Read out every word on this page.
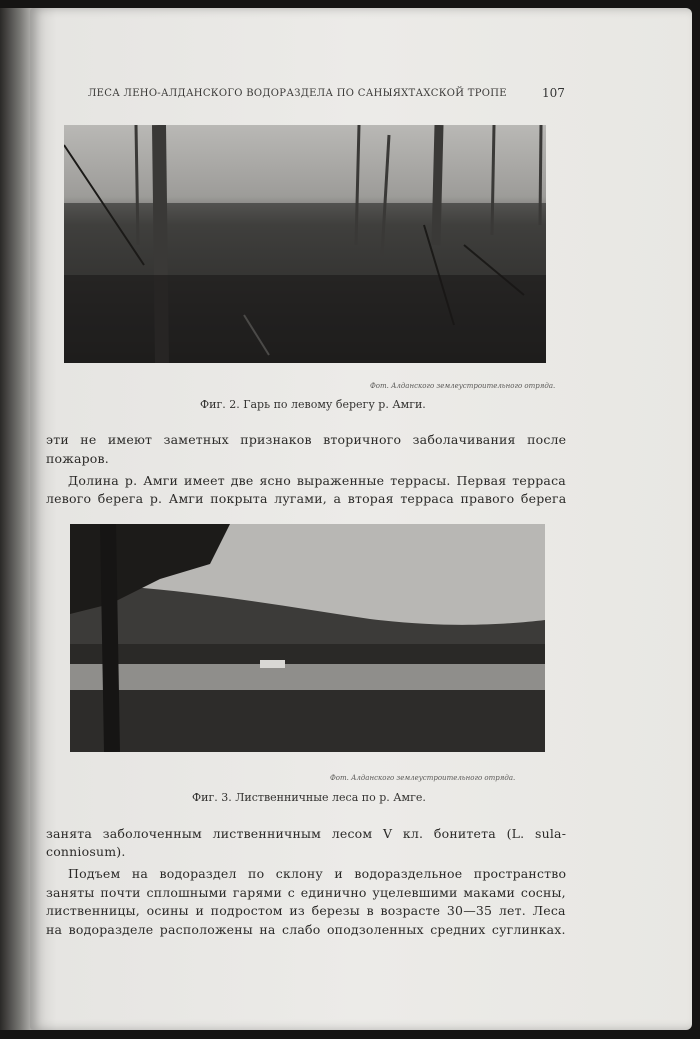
ЛЕСА ЛЕНО-АЛДАНСКОГО ВОДОРАЗДЕЛА ПО САНЫЯХТАХСКОЙ ТРОПЕ	107
Фот. Алданского землеустроительного отряда.
Фиг. 2. Гарь по левому берегу р. Амги.
эти не имеют заметных признаков вторичного заболачивания после
пожаров.
Долина р. Амги имеет две ясно выраженные террасы. Первая терраса
левого берега р. Амги покрыта лугами, а вторая терраса правого берега
Фот. Алданского землеустроительного отряда.
Фиг. 3. Лиственничные леса по р. Амге.
занята заболоченным лиственничным лесом V кл. бонитета (L. sula-
conniosum).
Подъем на водораздел по склону и водораздельное пространство
заняты почти сплошными гарями с единично уцелевшими маками сосны,
лиственницы, осины и подростом из березы в возрасте 30—35 лет. Леса
на водоразделе расположены на слабо оподзоленных средних суглинках.
